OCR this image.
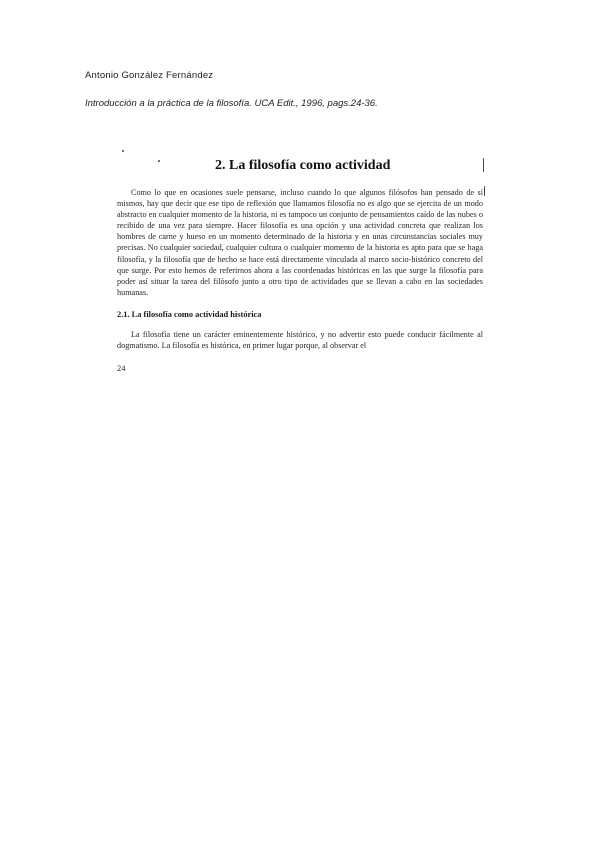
Antonio González Fernández

Introducción a la práctica de la filosofía. UCA Edit., 1996, pags.24-36.

2. La filosofía como actividad

Como lo que en ocasiones suele pensarse, incluso cuando lo que algunos filósofos han pensado de sí mismos, hay que decir que ese tipo de reflexión que llamamos filosofía no es algo que se ejercita de un modo abstracto en cualquier momento de la historia, ni es tampoco un conjunto de pensamientos caído de las nubes o recibido de una vez para siempre. Hacer filosofía es una opción y una actividad concreta que realizan los hombres de carne y hueso en un momento determinado de la historia y en unas circunstancias sociales muy precisas. No cualquier sociedad, cualquier cultura o cualquier momento de la historia es apto para que se haga filosofía, y la filosofía que de hecho se hace está directamente vinculada al marco socio-histórico concreto del que surge. Por esto hemos de referirnos ahora a las coordenadas históricas en las que surge la filosofía para poder así situar la tarea del filósofo junto a otro tipo de actividades que se llevan a cabo en las sociedades humanas.

2.1. La filosofía como actividad histórica

La filosofía tiene un carácter eminentemente histórico, y no advertir esto puede conducir fácilmente al dogmatismo. La filosofía es histórica, en primer lugar porque, al observar el

24
